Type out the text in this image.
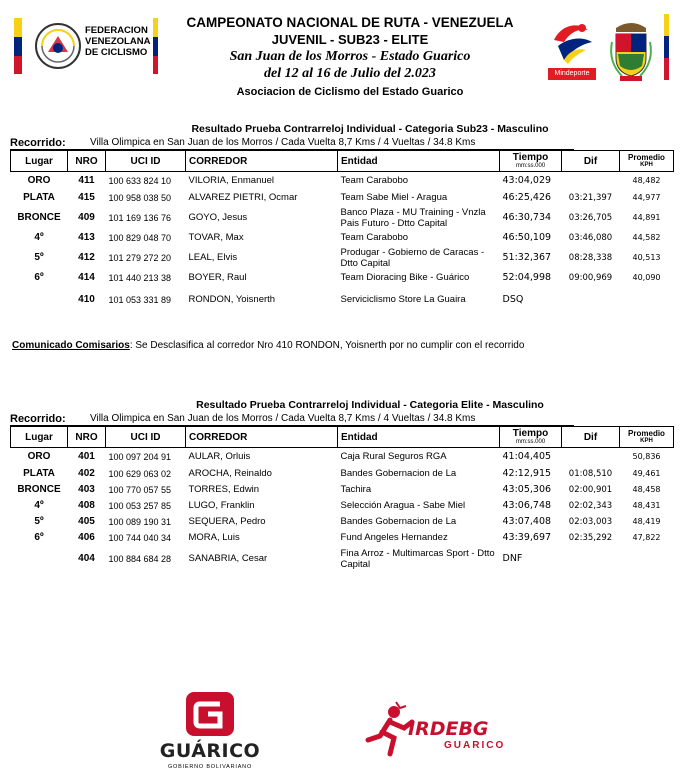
FEDERACION
VENEZOLANA
DE CICLISMO
CAMPEONATO NACIONAL DE RUTA - VENEZUELA
JUVENIL - SUB23 - ELITE
San Juan de los Morros - Estado Guarico
del 12 al 16 de Julio del 2.023
Asociacion de Ciclismo del Estado Guarico
Mindeporte
Resultado Prueba Contrarreloj Individual - Categoria Sub23 - Masculino
Recorrido: Villa Olimpica en San Juan de los Morros / Cada Vuelta 8,7 Kms / 4 Vueltas / 34.8 Kms
Lugar	NRO	UCI ID	CORREDOR	Entidad	Tiempo
mm:ss.000	Dif	Promedio
KPH

ORO	411	100 633 824 10	VILORIA, Enmanuel	Team Carabobo	43:04,029		48,482
PLATA	415	100 958 038 50	ALVAREZ PIETRI, Ocmar	Team Sabe Miel - Aragua	46:25,426	03:21,397	44,977
BRONCE	409	101 169 136 76	GOYO, Jesus	Banco Plaza - MU Training - Vnzla Pais Futuro - Dtto Capital	46:30,734	03:26,705	44,891
4º	413	100 829 048 70	TOVAR, Max	Team Carabobo	46:50,109	03:46,080	44,582
5º	412	101 279 272 20	LEAL, Elvis	Produgar - Gobierno de Caracas - Dtto Capital	51:32,367	08:28,338	40,513
6º	414	101 440 213 38	BOYER, Raul	Team Dioracing Bike - Guárico	52:04,998	09:00,969	40,090
	410	101 053 331 89	RONDON, Yoisnerth	Serviciclismo Store La Guaira	DSQ		
Comunicado Comisarios: Se Desclasifica al corredor Nro 410 RONDON, Yoisnerth por no cumplir con el recorrido
Resultado Prueba Contrarreloj Individual - Categoria Elite - Masculino
Recorrido: Villa Olimpica en San Juan de los Morros / Cada Vuelta 8,7 Kms / 4 Vueltas / 34.8 Kms
Lugar	NRO	UCI ID	CORREDOR	Entidad	Tiempo
mm:ss.000	Dif	Promedio
KPH

ORO	401	100 097 204 91	AULAR, Orluis	Caja Rural Seguros RGA	41:04,405		50,836
PLATA	402	100 629 063 02	AROCHA, Reinaldo	Bandes Gobernacion de La	42:12,915	01:08,510	49,461
BRONCE	403	100 770 057 55	TORRES, Edwin	Tachira	43:05,306	02:00,901	48,458
4º	408	100 053 257 85	LUGO, Franklin	Selección Aragua - Sabe Miel	43:06,748	02:02,343	48,431
5º	405	100 089 190 31	SEQUERA, Pedro	Bandes Gobernacion de La	43:07,408	02:03,003	48,419
6º	406	100 744 040 34	MORA, Luis	Fund Angeles Hernandez	43:39,697	02:35,292	47,822
	404	100 884 684 28	SANABRIA, Cesar	Fina Arroz - Multimarcas Sport - Dtto Capital	DNF		
GUÁRICO
GOBIERNO BOLIVARIANO
IRDEBG
GUARICO
